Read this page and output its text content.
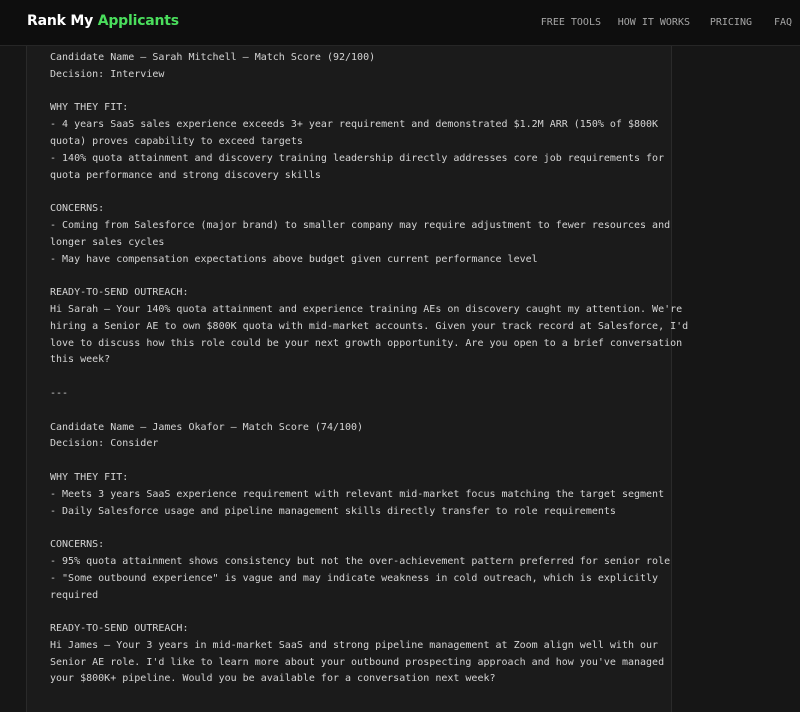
Rank My Applicants	FREE TOOLS HOW IT WORKS PRICING FAQ
Candidate Name — Sarah Mitchell — Match Score (92/100)
Decision: Interview
WHY THEY FIT:
- 4 years SaaS sales experience exceeds 3+ year requirement and demonstrated $1.2M ARR (150% of $800K
quota) proves capability to exceed targets
- 140% quota attainment and discovery training leadership directly addresses core job requirements for
quota performance and strong discovery skills
CONCERNS:
- Coming from Salesforce (major brand) to smaller company may require adjustment to fewer resources and
longer sales cycles
- May have compensation expectations above budget given current performance level
READY-TO-SEND OUTREACH:
Hi Sarah — Your 140% quota attainment and experience training AEs on discovery caught my attention. We're
hiring a Senior AE to own $800K quota with mid-market accounts. Given your track record at Salesforce, I'd
love to discuss how this role could be your next growth opportunity. Are you open to a brief conversation
this week?
---
Candidate Name — James Okafor — Match Score (74/100)
Decision: Consider
WHY THEY FIT:
- Meets 3 years SaaS experience requirement with relevant mid-market focus matching the target segment
- Daily Salesforce usage and pipeline management skills directly transfer to role requirements
CONCERNS:
- 95% quota attainment shows consistency but not the over-achievement pattern preferred for senior role
- "Some outbound experience" is vague and may indicate weakness in cold outreach, which is explicitly
required
READY-TO-SEND OUTREACH:
Hi James — Your 3 years in mid-market SaaS and strong pipeline management at Zoom align well with our
Senior AE role. I'd like to learn more about your outbound prospecting approach and how you've managed
your $800K+ pipeline. Would you be available for a conversation next week?
